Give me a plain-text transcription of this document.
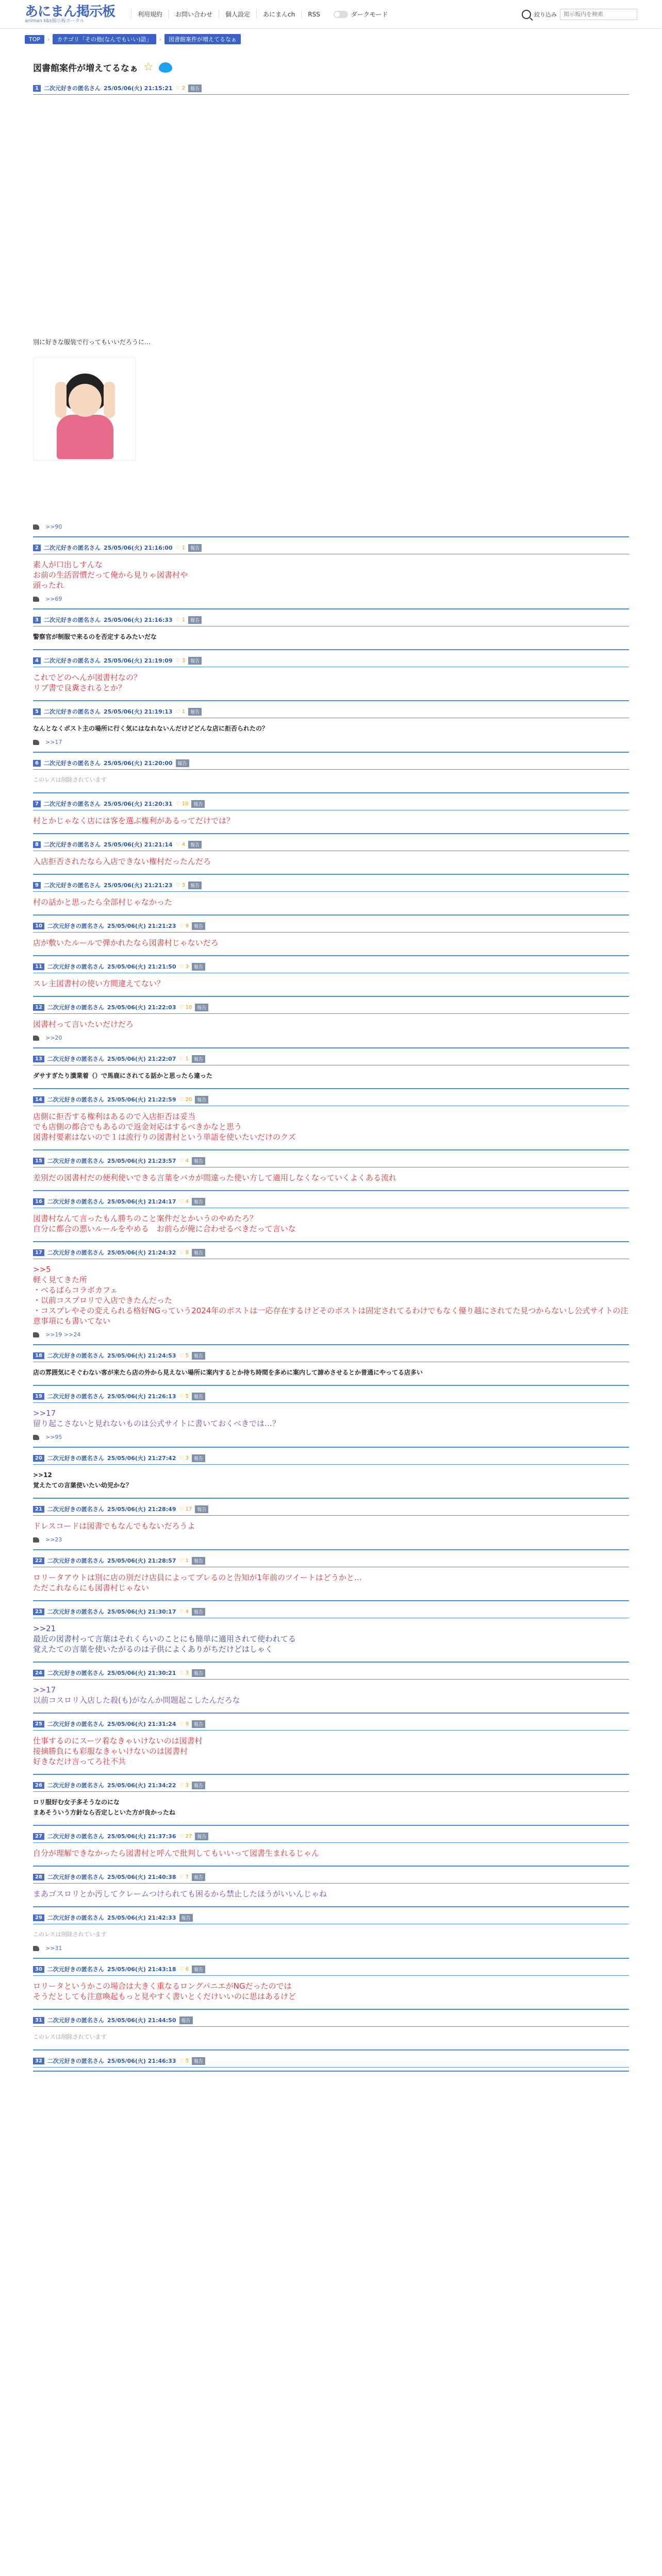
あにまん掲示板
animan bbs掲示板ポータル
利用規約	お問い合わせ	個人設定	あにまんch	RSS	ダークモード	絞り込み
掲示板内を検索
TOP	›	カテゴリ「その他(なんでもいい)語」	›	図書館案件が増えてるなぁ
図書館案件が増えてるなぁ ☆
1 二次元好きの匿名さん 25/05/06(火) 21:15:21	♡ 2	報告
別に好きな服装で行ってもいいだろうに…
>>90
2 二次元好きの匿名さん 25/05/06(火) 21:16:00	♡ 1	報告
素人が口出しすんな
お前の生活習慣だって俺から見りゃ図書村や
頭ったれ
>>69
3 二次元好きの匿名さん 25/05/06(火) 21:16:33	♡ 1	報告
警察官が制服で来るのを否定するみたいだな
4 二次元好きの匿名さん 25/05/06(火) 21:19:09	♡ 3	報告
これでどのへんが図書村なの？
リブ書で良糞されるとか？
5 二次元好きの匿名さん 25/05/06(火) 21:19:13	♡ 1	報告
なんとなくポスト主の場所に行く気にはなれないんだけどどんな店に拒否られたの？
>>17
6 二次元好きの匿名さん 25/05/06(火) 21:20:00	報告
このレスは削除されています
7 二次元好きの匿名さん 25/05/06(火) 21:20:31	♡ 10	報告
村とかじゃなく店には客を選ぶ権利があるってだけでは？
8 二次元好きの匿名さん 25/05/06(火) 21:21:14	♡ 4	報告
入店拒否されたなら入店できない権村だったんだろ
9 二次元好きの匿名さん 25/05/06(火) 21:21:23	♡ 3	報告
村の話かと思ったら全部村じゃなかった
10 二次元好きの匿名さん 25/05/06(火) 21:21:23	♡ 9	報告
店が敷いたルールで弾かれたなら図書村じゃないだろ
11 二次元好きの匿名さん 25/05/06(火) 21:21:50	♡ 3	報告
スレ主図書村の使い方間違えてない？
12 二次元好きの匿名さん 25/05/06(火) 21:22:03	♡ 10	報告
図書村って言いたいだけだろ
>>20
13 二次元好きの匿名さん 25/05/06(火) 21:22:07	♡ 1	報告
ダサすぎたり潰業着（）で馬鹿にされてる話かと思ったら違った
14 二次元好きの匿名さん 25/05/06(火) 21:22:59	♡ 20	報告
店側に拒否する権利はあるので入店拒否は妥当
でも店側の都合でもあるので返金対応はするべきかなと思う
図書村要素はないので１は流行りの図書村という単語を使いたいだけのクズ
15 二次元好きの匿名さん 25/05/06(火) 21:23:57	♡ 4	報告
差別だの図書村だの便利使いできる言葉をバカが間違った使い方して適用しなくなっていくよくある流れ
16 二次元好きの匿名さん 25/05/06(火) 21:24:17	♡ 4	報告
図書村なんて言ったもん勝ちのこと案件だとかいうのやめたろ？
自分に都合の悪いルールをやめる　お前らが俺に合わせるべきだって言いな
17 二次元好きの匿名さん 25/05/06(火) 21:24:32	♡ 8	報告
>>5
軽く見てきた所
・べるばらコラボカフェ
・以前コスプロリで入店できたんだった
・コスプレやその変えられる格好NGっていう2024年のポストは一応存在するけどそのポストは固定されてるわけでもなく優り越にされてた見つからないし公式サイトの注意事項にも書いてない
>>19 >>24
18 二次元好きの匿名さん 25/05/06(火) 21:24:53	♡ 5	報告
店の雰囲気にそぐわない客が来たら店の外から見えない場所に案内するとか待ち時間を多めに案内して諦めさせるとか普通にやってる店多い
19 二次元好きの匿名さん 25/05/06(火) 21:26:13	♡ 5	報告
>>17
留り起こさないと見れないものは公式サイトに書いておくべきでは…？
>>95
20 二次元好きの匿名さん 25/05/06(火) 21:27:42	♡ 3	報告
>>12
覚えたての言葉使いたい幼児かな？
21 二次元好きの匿名さん 25/05/06(火) 21:28:49	♡ 17	報告
ドレスコードは図書でもなんでもないだろうよ
>>23
22 二次元好きの匿名さん 25/05/06(火) 21:28:57	♡ 1	報告
ロリータアウトは別に店の別だけ店員によってブレるのと告知が1年前のツイートはどうかと…
ただこれならにも図書村じゃない
23 二次元好きの匿名さん 25/05/06(火) 21:30:17	♡ 4	報告
>>21
最近の図書村って言葉はそれくらいのことにも簡単に適用されて使われてる
覚えたての言葉を使いたがるのは子供によくありがちだけどはしゃく
24 二次元好きの匿名さん 25/05/06(火) 21:30:21	♡ 3	報告
>>17
以前コスロリ入店した殺(も)がなんか問題起こしたんだろな
25 二次元好きの匿名さん 25/05/06(火) 21:31:24	♡ 9	報告
仕事するのにスーツ着なきゃいけないのは図書村
接摘勝負にも彩服なきゃいけないのは図書村
好きなだけ言ってろ社不共
26 二次元好きの匿名さん 25/05/06(火) 21:34:22	♡ 3	報告
ロリ服好む女子多そうなのにな
まあそういう方針なら否定しといた方が良かったね
27 二次元好きの匿名さん 25/05/06(火) 21:37:36	♡ 27	報告
自分が理解できなかったら図書村と呼んで批判してもいいって図書生まれるじゃん
28 二次元好きの匿名さん 25/05/06(火) 21:40:38	♡ 7	報告
まあゴスロリとか汚してクレームつけられても困るから禁止したほうがいいんじゃね
29 二次元好きの匿名さん 25/05/06(火) 21:42:33	報告
このレスは削除されています
>>31
30 二次元好きの匿名さん 25/05/06(火) 21:43:18	♡ 6	報告
ロリータというかこの場合は大きく重なるロングパニエがNGだったのでは
そうだとしても注意喚起もっと見やすく書いとくだけいいのに思はあるけど
31 二次元好きの匿名さん 25/05/06(火) 21:44:50	報告
このレスは削除されています
32 二次元好きの匿名さん 25/05/06(火) 21:46:33	♡ 5	報告
